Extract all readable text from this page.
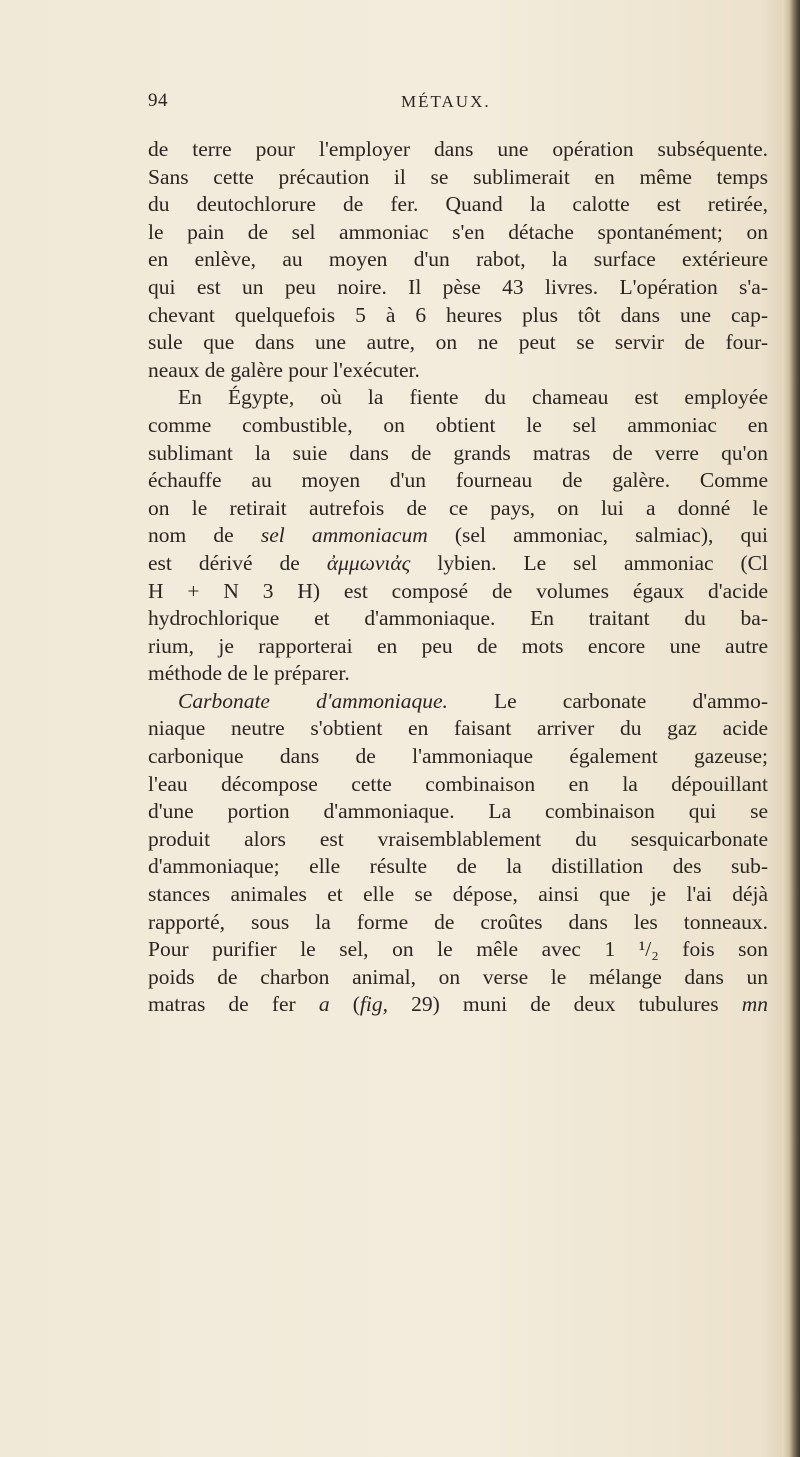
94	MÉTAUX.
de terre pour l'employer dans une opération subséquente.
Sans cette précaution il se sublimerait en même temps
du deutochlorure de fer. Quand la calotte est retirée,
le pain de sel ammoniac s'en détache spontanément; on
en enlève, au moyen d'un rabot, la surface extérieure
qui est un peu noire. Il pèse 43 livres. L'opération s'a-
chevant quelquefois 5 à 6 heures plus tôt dans une cap-
sule que dans une autre, on ne peut se servir de four-
neaux de galère pour l'exécuter.
En Égypte, où la fiente du chameau est employée
comme combustible, on obtient le sel ammoniac en
sublimant la suie dans de grands matras de verre qu'on
échauffe au moyen d'un fourneau de galère. Comme
on le retirait autrefois de ce pays, on lui a donné le
nom de sel ammoniacum (sel ammoniac, salmiac), qui
est dérivé de ἀμμωνιἀς lybien. Le sel ammoniac (Cl
H + N 3 H) est composé de volumes égaux d'acide
hydrochlorique et d'ammoniaque. En traitant du ba-
rium, je rapporterai en peu de mots encore une autre
méthode de le préparer.
Carbonate d'ammoniaque. Le carbonate d'ammo-
niaque neutre s'obtient en faisant arriver du gaz acide
carbonique dans de l'ammoniaque également gazeuse;
l'eau décompose cette combinaison en la dépouillant
d'une portion d'ammoniaque. La combinaison qui se
produit alors est vraisemblablement du sesquicarbonate
d'ammoniaque; elle résulte de la distillation des sub-
stances animales et elle se dépose, ainsi que je l'ai déjà
rapporté, sous la forme de croûtes dans les tonneaux.
Pour purifier le sel, on le mêle avec 1 ¹/₂ fois son
poids de charbon animal, on verse le mélange dans un
matras de fer a (fig, 29) muni de deux tubulures mn
